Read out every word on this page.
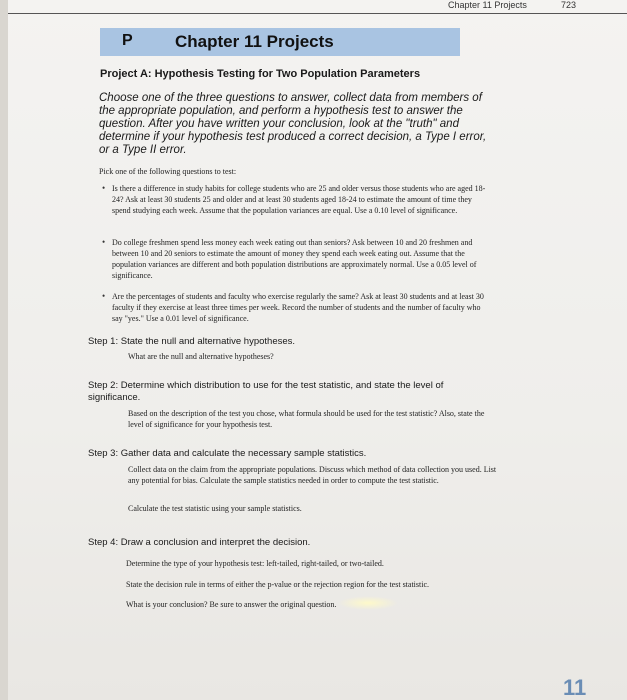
Chapter 11 Projects	723
P Chapter 11 Projects
Project A: Hypothesis Testing for Two Population Parameters
Choose one of the three questions to answer, collect data from members of the appropriate population, and perform a hypothesis test to answer the question. After you have written your conclusion, look at the "truth" and determine if your hypothesis test produced a correct decision, a Type I error, or a Type II error.
Pick one of the following questions to test:
• Is there a difference in study habits for college students who are 25 and older versus those students who are aged 18-24? Ask at least 30 students 25 and older and at least 30 students aged 18-24 to estimate the amount of time they spend studying each week. Assume that the population variances are equal. Use a 0.10 level of significance.
• Do college freshmen spend less money each week eating out than seniors? Ask between 10 and 20 freshmen and between 10 and 20 seniors to estimate the amount of money they spend each week eating out. Assume that the population variances are different and both population distributions are approximately normal. Use a 0.05 level of significance.
• Are the percentages of students and faculty who exercise regularly the same? Ask at least 30 students and at least 30 faculty if they exercise at least three times per week. Record the number of students and the number of faculty who say "yes." Use a 0.01 level of significance.
Step 1: State the null and alternative hypotheses.
What are the null and alternative hypotheses?
Step 2: Determine which distribution to use for the test statistic, and state the level of significance.
Based on the description of the test you chose, what formula should be used for the test statistic? Also, state the level of significance for your hypothesis test.
Step 3: Gather data and calculate the necessary sample statistics.
Collect data on the claim from the appropriate populations. Discuss which method of data collection you used. List any potential for bias. Calculate the sample statistics needed in order to compute the test statistic.
Calculate the test statistic using your sample statistics.
Step 4: Draw a conclusion and interpret the decision.
Determine the type of your hypothesis test: left-tailed, right-tailed, or two-tailed.
State the decision rule in terms of either the p-value or the rejection region for the test statistic.
What is your conclusion? Be sure to answer the original question.
11
